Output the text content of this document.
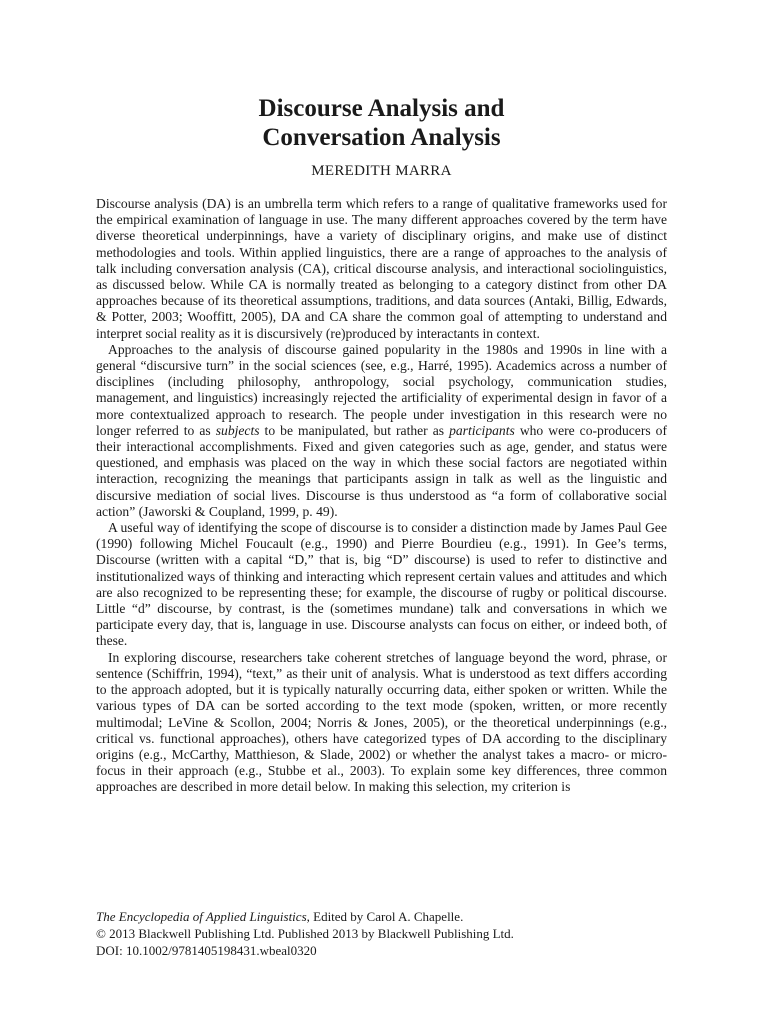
Discourse Analysis and
Conversation Analysis
MEREDITH MARRA

Discourse analysis (DA) is an umbrella term which refers to a range of qualitative frameworks used for the empirical examination of language in use. The many different approaches covered by the term have diverse theoretical underpinnings, have a variety of disciplinary origins, and make use of distinct methodologies and tools. Within applied linguistics, there are a range of approaches to the analysis of talk including conversation analysis (CA), critical discourse analysis, and interactional sociolinguistics, as discussed below. While CA is normally treated as belonging to a category distinct from other DA approaches because of its theoretical assumptions, traditions, and data sources (Antaki, Billig, Edwards, & Potter, 2003; Wooffitt, 2005), DA and CA share the common goal of attempting to understand and interpret social reality as it is discursively (re)produced by interactants in context.

Approaches to the analysis of discourse gained popularity in the 1980s and 1990s in line with a general “discursive turn” in the social sciences (see, e.g., Harré, 1995). Academics across a number of disciplines (including philosophy, anthropology, social psychology, communication studies, management, and linguistics) increasingly rejected the artificiality of experimental design in favor of a more contextualized approach to research. The people under investigation in this research were no longer referred to as subjects to be manipulated, but rather as participants who were co-producers of their interactional accomplishments. Fixed and given categories such as age, gender, and status were questioned, and emphasis was placed on the way in which these social factors are negotiated within interaction, recognizing the meanings that participants assign in talk as well as the linguistic and discursive mediation of social lives. Discourse is thus understood as “a form of collaborative social action” (Jaworski & Coupland, 1999, p. 49).

A useful way of identifying the scope of discourse is to consider a distinction made by James Paul Gee (1990) following Michel Foucault (e.g., 1990) and Pierre Bourdieu (e.g., 1991). In Gee’s terms, Discourse (written with a capital “D,” that is, big “D” discourse) is used to refer to distinctive and institutionalized ways of thinking and interacting which represent certain values and attitudes and which are also recognized to be representing these; for example, the discourse of rugby or political discourse. Little “d” discourse, by contrast, is the (sometimes mundane) talk and conversations in which we participate every day, that is, language in use. Discourse analysts can focus on either, or indeed both, of these.

In exploring discourse, researchers take coherent stretches of language beyond the word, phrase, or sentence (Schiffrin, 1994), “text,” as their unit of analysis. What is understood as text differs according to the approach adopted, but it is typically naturally occurring data, either spoken or written. While the various types of DA can be sorted according to the text mode (spoken, written, or more recently multimodal; LeVine & Scollon, 2004; Norris & Jones, 2005), or the theoretical underpinnings (e.g., critical vs. functional approaches), others have categorized types of DA according to the disciplinary origins (e.g., McCarthy, Matthieson, & Slade, 2002) or whether the analyst takes a macro- or micro-focus in their approach (e.g., Stubbe et al., 2003). To explain some key differences, three common approaches are described in more detail below. In making this selection, my criterion is

The Encyclopedia of Applied Linguistics, Edited by Carol A. Chapelle.
© 2013 Blackwell Publishing Ltd. Published 2013 by Blackwell Publishing Ltd.
DOI: 10.1002/9781405198431.wbeal0320
